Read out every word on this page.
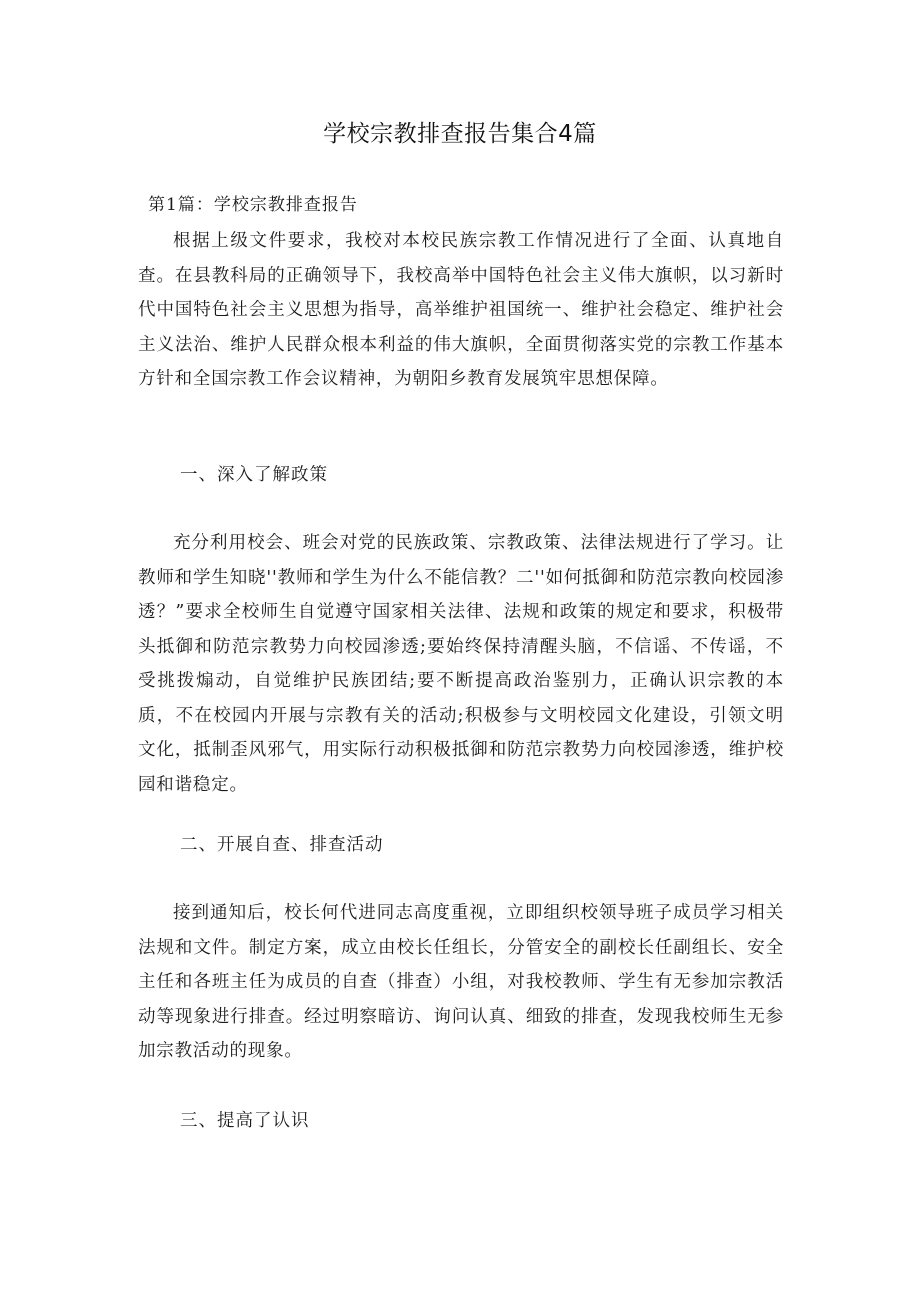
学校宗教排查报告集合4篇
第1篇：学校宗教排查报告

根据上级文件要求，我校对本校民族宗教工作情况进行了全面、认真地自查。在县教科局的正确领导下，我校高举中国特色社会主义伟大旗帜，以习新时代中国特色社会主义思想为指导，高举维护祖国统一、维护社会稳定、维护社会主义法治、维护人民群众根本利益的伟大旗帜，全面贯彻落实党的宗教工作基本方针和全国宗教工作会议精神，为朝阳乡教育发展筑牢思想保障。

一、深入了解政策

充分利用校会、班会对党的民族政策、宗教政策、法律法规进行了学习。让教师和学生知晓''教师和学生为什么不能信教？二''如何抵御和防范宗教向校园渗透？”要求全校师生自觉遵守国家相关法律、法规和政策的规定和要求，积极带头抵御和防范宗教势力向校园渗透;要始终保持清醒头脑，不信谣、不传谣，不受挑拨煽动，自觉维护民族团结;要不断提高政治鉴别力，正确认识宗教的本质，不在校园内开展与宗教有关的活动;积极参与文明校园文化建设，引领文明文化，抵制歪风邪气，用实际行动积极抵御和防范宗教势力向校园渗透，维护校园和谐稳定。

二、开展自查、排查活动

接到通知后，校长何代进同志高度重视，立即组织校领导班子成员学习相关法规和文件。制定方案，成立由校长任组长，分管安全的副校长任副组长、安全主任和各班主任为成员的自查（排查）小组，对我校教师、学生有无参加宗教活动等现象进行排查。经过明察暗访、询问认真、细致的排查，发现我校师生无参加宗教活动的现象。

三、提高了认识
